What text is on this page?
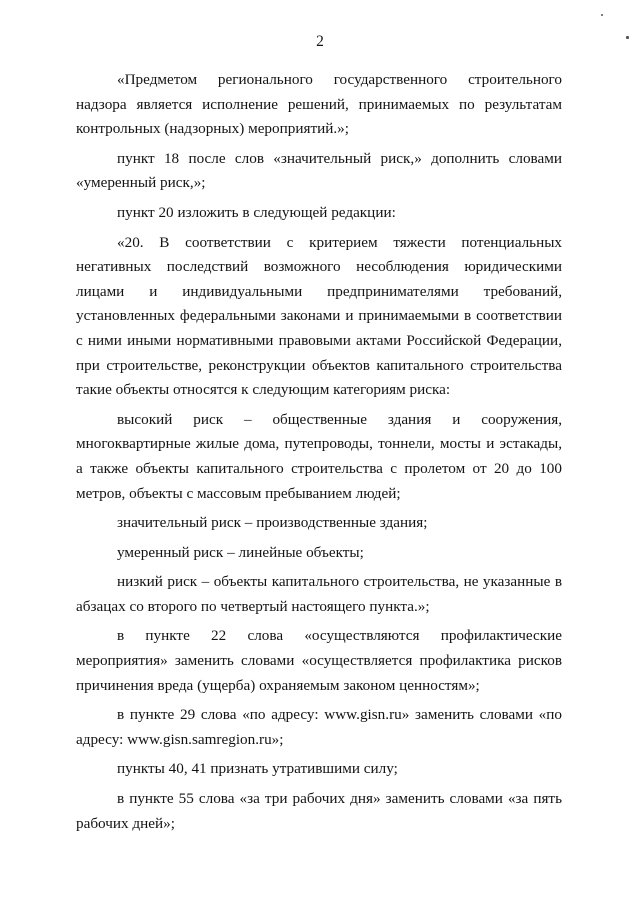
2

«Предметом регионального государственного строительного надзора является исполнение решений, принимаемых по результатам контрольных (надзорных) мероприятий.»;

пункт 18 после слов «значительный риск,» дополнить словами «умеренный риск,»;

пункт 20 изложить в следующей редакции:

«20. В соответствии с критерием тяжести потенциальных негативных последствий возможного несоблюдения юридическими лицами и индивидуальными предпринимателями требований, установленных федеральными законами и принимаемыми в соответствии с ними иными нормативными правовыми актами Российской Федерации, при строительстве, реконструкции объектов капитального строительства такие объекты относятся к следующим категориям риска:

высокий риск – общественные здания и сооружения, многоквартирные жилые дома, путепроводы, тоннели, мосты и эстакады, а также объекты капитального строительства с пролетом от 20 до 100 метров, объекты с массовым пребыванием людей;

значительный риск – производственные здания;

умеренный риск – линейные объекты;

низкий риск – объекты капитального строительства, не указанные в абзацах со второго по четвертый настоящего пункта.»;

в пункте 22 слова «осуществляются профилактические мероприятия» заменить словами «осуществляется профилактика рисков причинения вреда (ущерба) охраняемым законом ценностям»;

в пункте 29 слова «по адресу: www.gisn.ru» заменить словами «по адресу: www.gisn.samregion.ru»;

пункты 40, 41 признать утратившими силу;

в пункте 55 слова «за три рабочих дня» заменить словами «за пять рабочих дней»;
